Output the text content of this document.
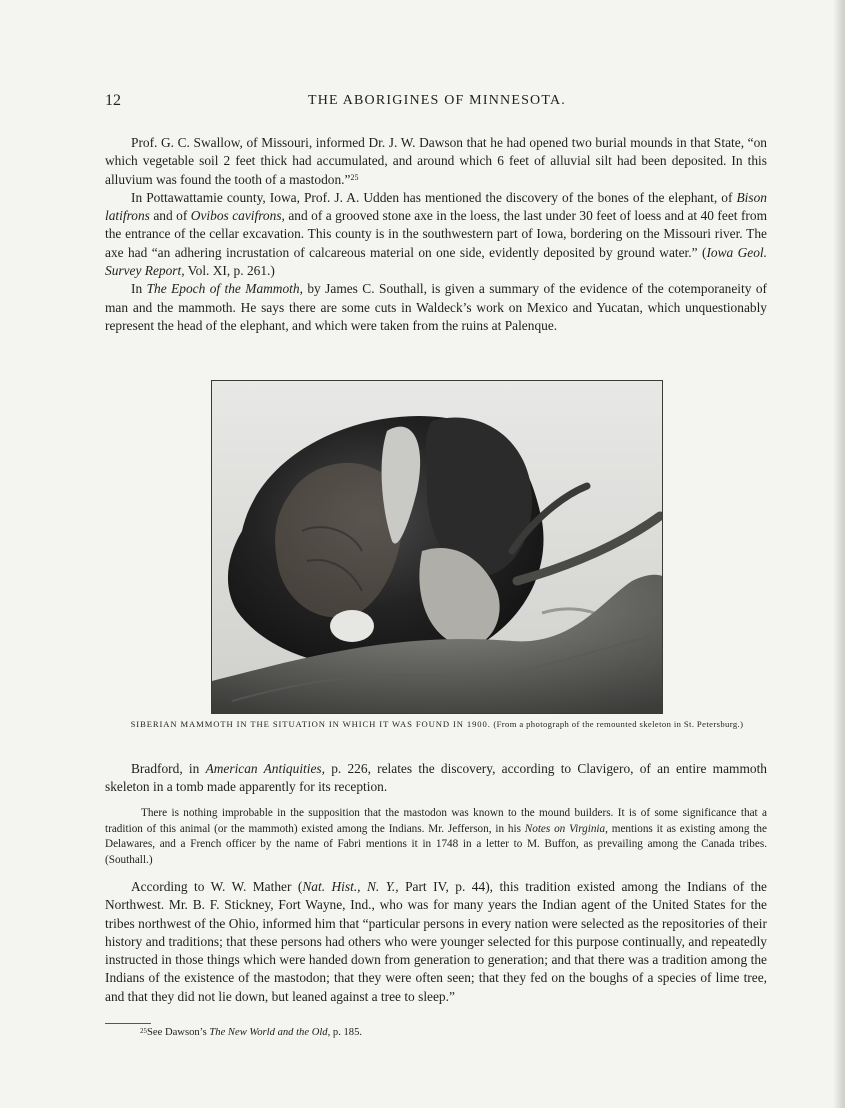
12	THE ABORIGINES OF MINNESOTA.

Prof. G. C. Swallow, of Missouri, informed Dr. J. W. Dawson that he had opened two burial mounds in that State, “on which vegetable soil 2 feet thick had accumulated, and around which 6 feet of alluvial silt had been deposited. In this alluvium was found the tooth of a mastodon.”$^{25}$

In Pottawattamie county, Iowa, Prof. J. A. Udden has mentioned the discovery of the bones of the elephant, of Bison latifrons and of Ovibos cavifrons, and of a grooved stone axe in the loess, the last under 30 feet of loess and at 40 feet from the entrance of the cellar excavation. This county is in the southwestern part of Iowa, bordering on the Missouri river. The axe had “an adhering incrustation of calcareous material on one side, evidently deposited by ground water.” (Iowa Geol. Survey Report, Vol. XI, p. 261.)

In The Epoch of the Mammoth, by James C. Southall, is given a summary of the evidence of the cotemporaneity of man and the mammoth. He says there are some cuts in Waldeck’s work on Mexico and Yucatan, which unquestionably represent the head of the elephant, and which were taken from the ruins at Palenque.

SIBERIAN MAMMOTH IN THE SITUATION IN WHICH IT WAS FOUND IN 1900. (From a photograph of the remounted skeleton in St. Petersburg.)

Bradford, in American Antiquities, p. 226, relates the discovery, according to Clavigero, of an entire mammoth skeleton in a tomb made apparently for its reception.

There is nothing improbable in the supposition that the mastodon was known to the mound builders. It is of some significance that a tradition of this animal (or the mammoth) existed among the Indians. Mr. Jefferson, in his Notes on Virginia, mentions it as existing among the Delawares, and a French officer by the name of Fabri mentions it in 1748 in a letter to M. Buffon, as prevailing among the Canada tribes. (Southall.)

According to W. W. Mather (Nat. Hist., N. Y., Part IV, p. 44), this tradition existed among the Indians of the Northwest. Mr. B. F. Stickney, Fort Wayne, Ind., who was for many years the Indian agent of the United States for the tribes northwest of the Ohio, informed him that “particular persons in every nation were selected as the repositories of their history and traditions; that these persons had others who were younger selected for this purpose continually, and repeatedly instructed in those things which were handed down from generation to generation; and that there was a tradition among the Indians of the existence of the mastodon; that they were often seen; that they fed on the boughs of a species of lime tree, and that they did not lie down, but leaned against a tree to sleep.”

$^{25}$See Dawson’s The New World and the Old, p. 185.
